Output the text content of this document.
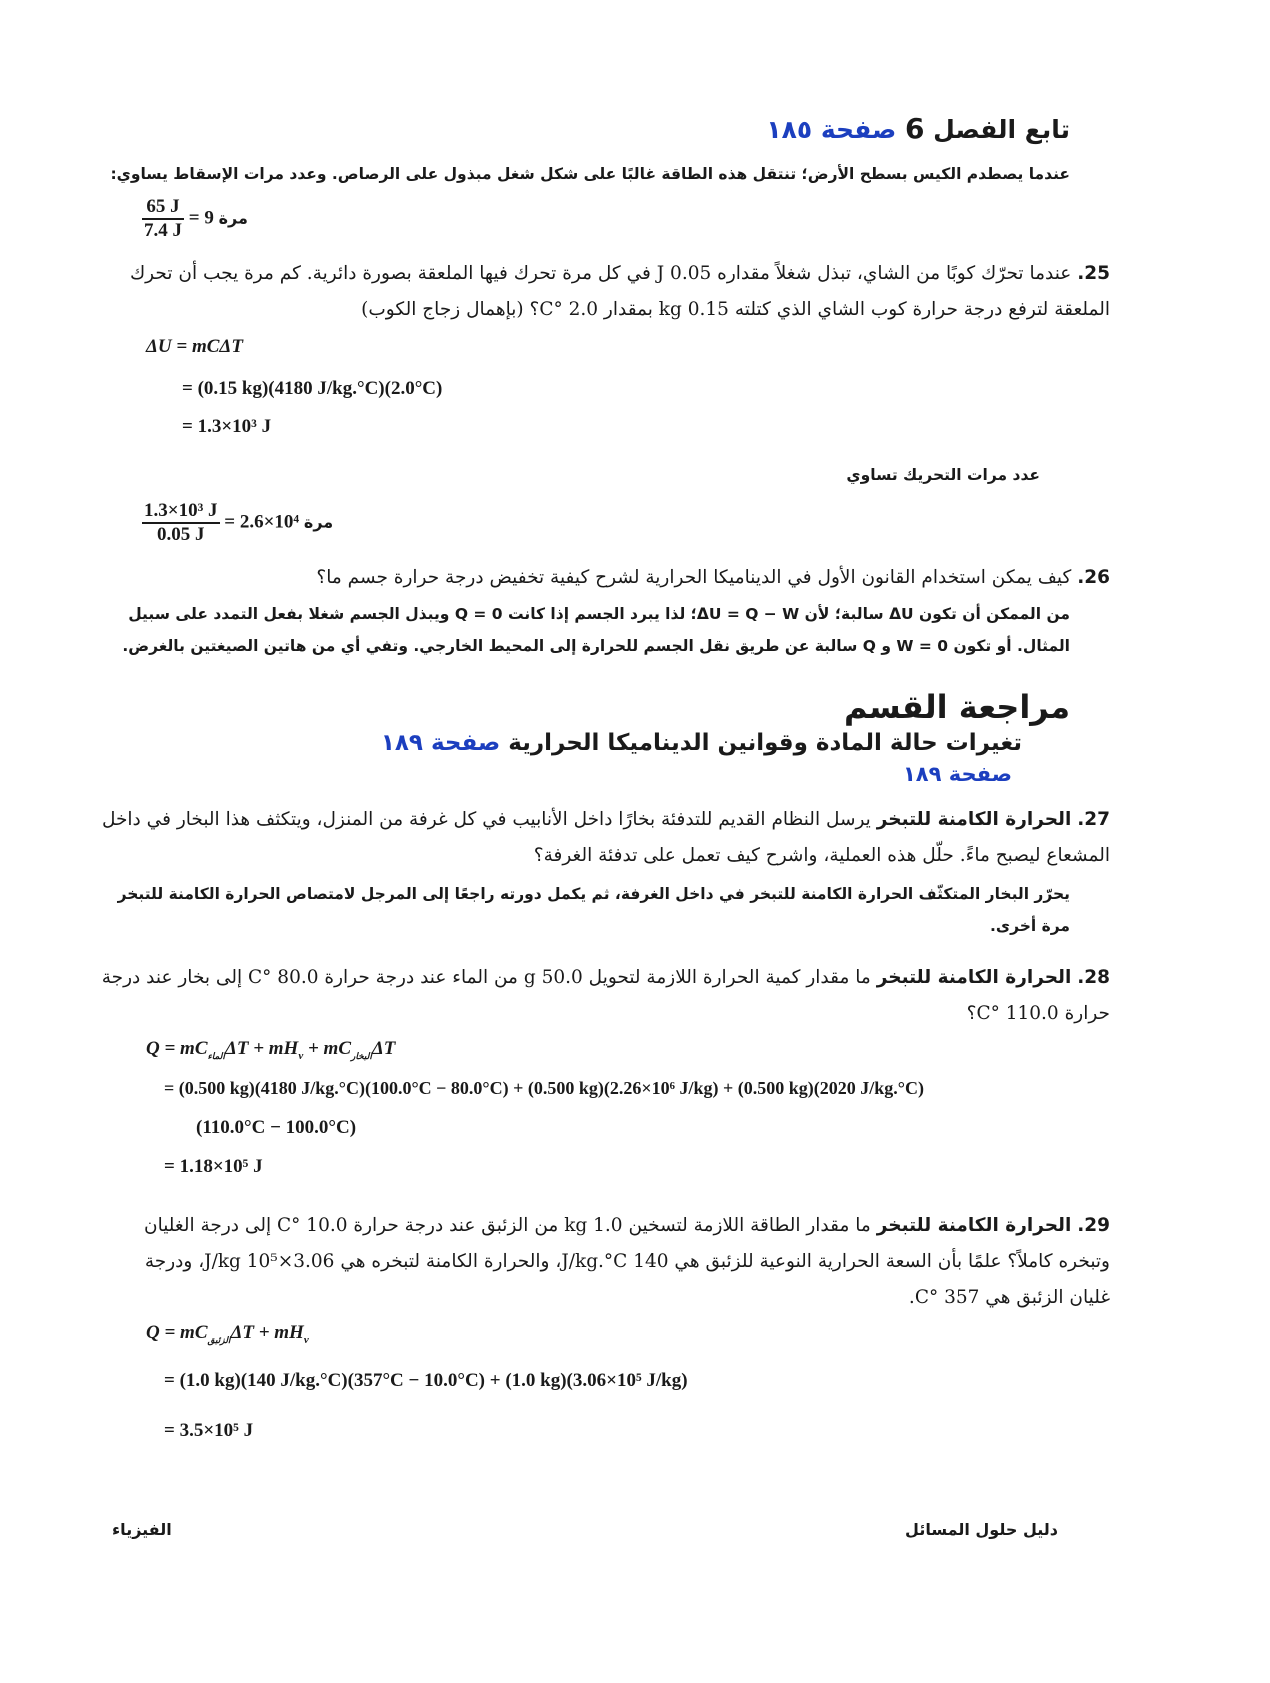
تابع الفصل 6 صفحة ١٨٥
عندما يصطدم الكيس بسطح الأرض؛ تنتقل هذه الطاقة غالبًا على شكل شغل مبذول على الرصاص. وعدد مرات الإسقاط يساوي:
$\frac{65 J}{7.4 J} = 9$ مرة
25. عندما تحرّك كوبًا من الشاي، تبذل شغلاً مقداره 0.05 J في كل مرة تحرك فيها الملعقة بصورة دائرية. كم مرة يجب أن تحرك الملعقة لترفع درجة حرارة كوب الشاي الذي كتلته 0.15 kg بمقدار 2.0 °C؟ (بإهمال زجاج الكوب)
ΔU = mCΔT
= (0.15 kg)(4180 J/kg.°C)(2.0°C)
= 1.3×10³ J
عدد مرات التحريك تساوي
$\frac{\text{1.3×10³ J}}{0.05 J} = 2.6\times 10^4$ مرة
26. كيف يمكن استخدام القانون الأول في الديناميكا الحرارية لشرح كيفية تخفيض درجة حرارة جسم ما؟
من الممكن أن تكون ΔU سالبة؛ لأن ΔU = Q − W؛ لذا يبرد الجسم إذا كانت Q = 0 ويبذل الجسم شغلا بفعل التمدد على سبيل المثال. أو تكون W = 0 و Q سالبة عن طريق نقل الجسم للحرارة إلى المحيط الخارجي. وتفي أي من هاتين الصيغتين بالغرض.
مراجعة القسم
تغيرات حالة المادة وقوانين الديناميكا الحرارية صفحة ١٨٩
صفحة ١٨٩
27. الحرارة الكامنة للتبخر يرسل النظام القديم للتدفئة بخارًا داخل الأنابيب في كل غرفة من المنزل، ويتكثف هذا البخار في داخل المشعاع ليصبح ماءً. حلّل هذه العملية، واشرح كيف تعمل على تدفئة الغرفة؟
يحرّر البخار المتكثّف الحرارة الكامنة للتبخر في داخل الغرفة، ثم يكمل دورته راجعًا إلى المرجل لامتصاص الحرارة الكامنة للتبخر مرة أخرى.
28. الحرارة الكامنة للتبخر ما مقدار كمية الحرارة اللازمة لتحويل 50.0 g من الماء عند درجة حرارة 80.0 °C إلى بخار عند درجة حرارة 110.0 °C؟
$Q = mC_{الماء}\Delta T + mH_v + mC_{البخار}\Delta T$
= (0.500 kg)(4180 J/kg.°C)(100.0°C − 80.0°C) + (0.500 kg)(2.26×10⁶ J/kg) + (0.500 kg)(2020 J/kg.°C)
(110.0°C − 100.0°C)
= 1.18×10⁵ J
29. الحرارة الكامنة للتبخر ما مقدار الطاقة اللازمة لتسخين 1.0 kg من الزئبق عند درجة حرارة 10.0 °C إلى درجة الغليان وتبخره كاملاً؟ علمًا بأن السعة الحرارية النوعية للزئبق هي 140 J/kg.°C، والحرارة الكامنة لتبخره هي 3.06×10⁵ J/kg، ودرجة غليان الزئبق هي 357 °C.
$Q = mC_{الزئبق}\Delta T + mH_v$
= (1.0 kg)(140 J/kg.°C)(357°C − 10.0°C) + (1.0 kg)(3.06×10⁵ J/kg)
= 3.5×10⁵ J
دليل حلول المسائل
الفيزياء
